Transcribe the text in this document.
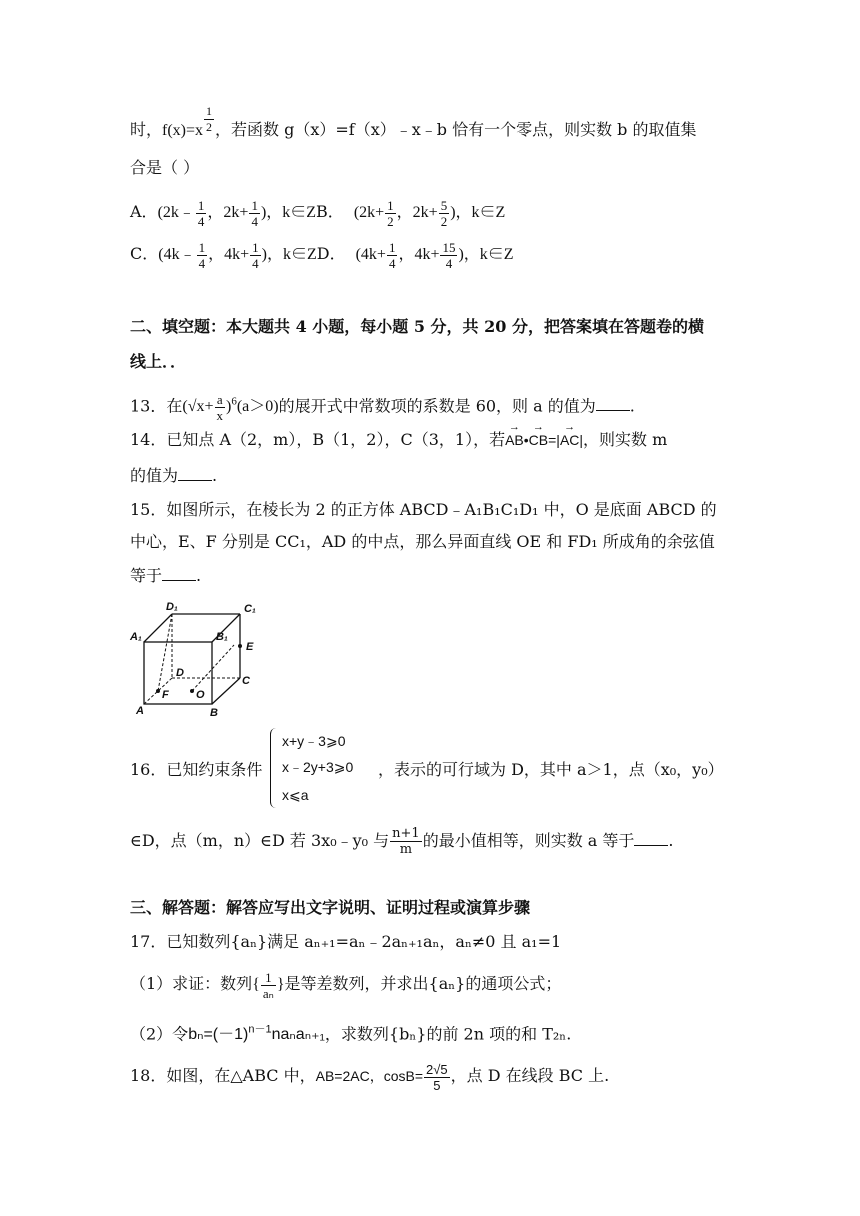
时，$f(x)=x \frac{1}{2}$ ，若函数 g（x）=f（x）﹣x﹣b 恰有一个零点，则实数 b 的取值集
合是（ ）
A．(2k﹣ $\frac{1}{4}$ ，$2k+ \frac{1}{4}$ )，k∈ZB． ($2k+ \frac{1}{2}$ ，$2k+ \frac{5}{2}$ )，k∈Z
C．(4k﹣ $\frac{1}{4}$ ，$4k+ \frac{1}{4}$ )，k∈ZD． ($4k+ \frac{1}{4}$ ，$4k+ \frac{15}{4}$ )，k∈Z
二、填空题：本大题共 4 小题，每小题 5 分，共 20 分，把答案填在答题卷的横
线上．．
13．在$(√x+ \frac{a}{x} )^6(a>0)$的展开式中常数项的系数是 60，则 a 的值为 .
14．已知点 A（2，m），B（1，2），C（3，1），若→ AB•→ CB=|→ AC|，则实数 m
的值为 .
15．如图所示，在棱长为 2 的正方体 ABCD﹣A₁B₁C₁D₁ 中，O 是底面 ABCD 的
中心，E、F 分别是 CC₁，AD 的中点，那么异面直线 OE 和 FD₁ 所成角的余弦值
等于 .
D₁	C₁
A₁	B₁
E
D
C
F O
A	B
16．已知约束条件
x+y﹣3⩾0
x﹣2y+3⩾0
x⩽a
，表示的可行域为 D，其中 a＞1，点（x₀，y₀）
∈D，点（m，n）∈D 若 3x₀﹣y₀ 与 $\frac{n+1}{m}$ 的最小值相等，则实数 a 等于 .
三、解答题：解答应写出文字说明、证明过程或演算步骤
17．已知数列{aₙ}满足 aₙ₊₁=aₙ﹣2aₙ₊₁aₙ，aₙ≠0 且 a₁=1
（1）求证：数列{ $\frac{1}{\text{aₙ}}$ }是等差数列，并求出{aₙ}的通项公式；
（2）令$b_n=(-1)^{n-1}na_na_{n+1}$，求数列{bₙ}的前 2n 项的和 T₂ₙ.
18．如图，在△ABC 中，AB=2AC，$\cos B= \frac{2√5}{5}$ ，点 D 在线段 BC 上.
